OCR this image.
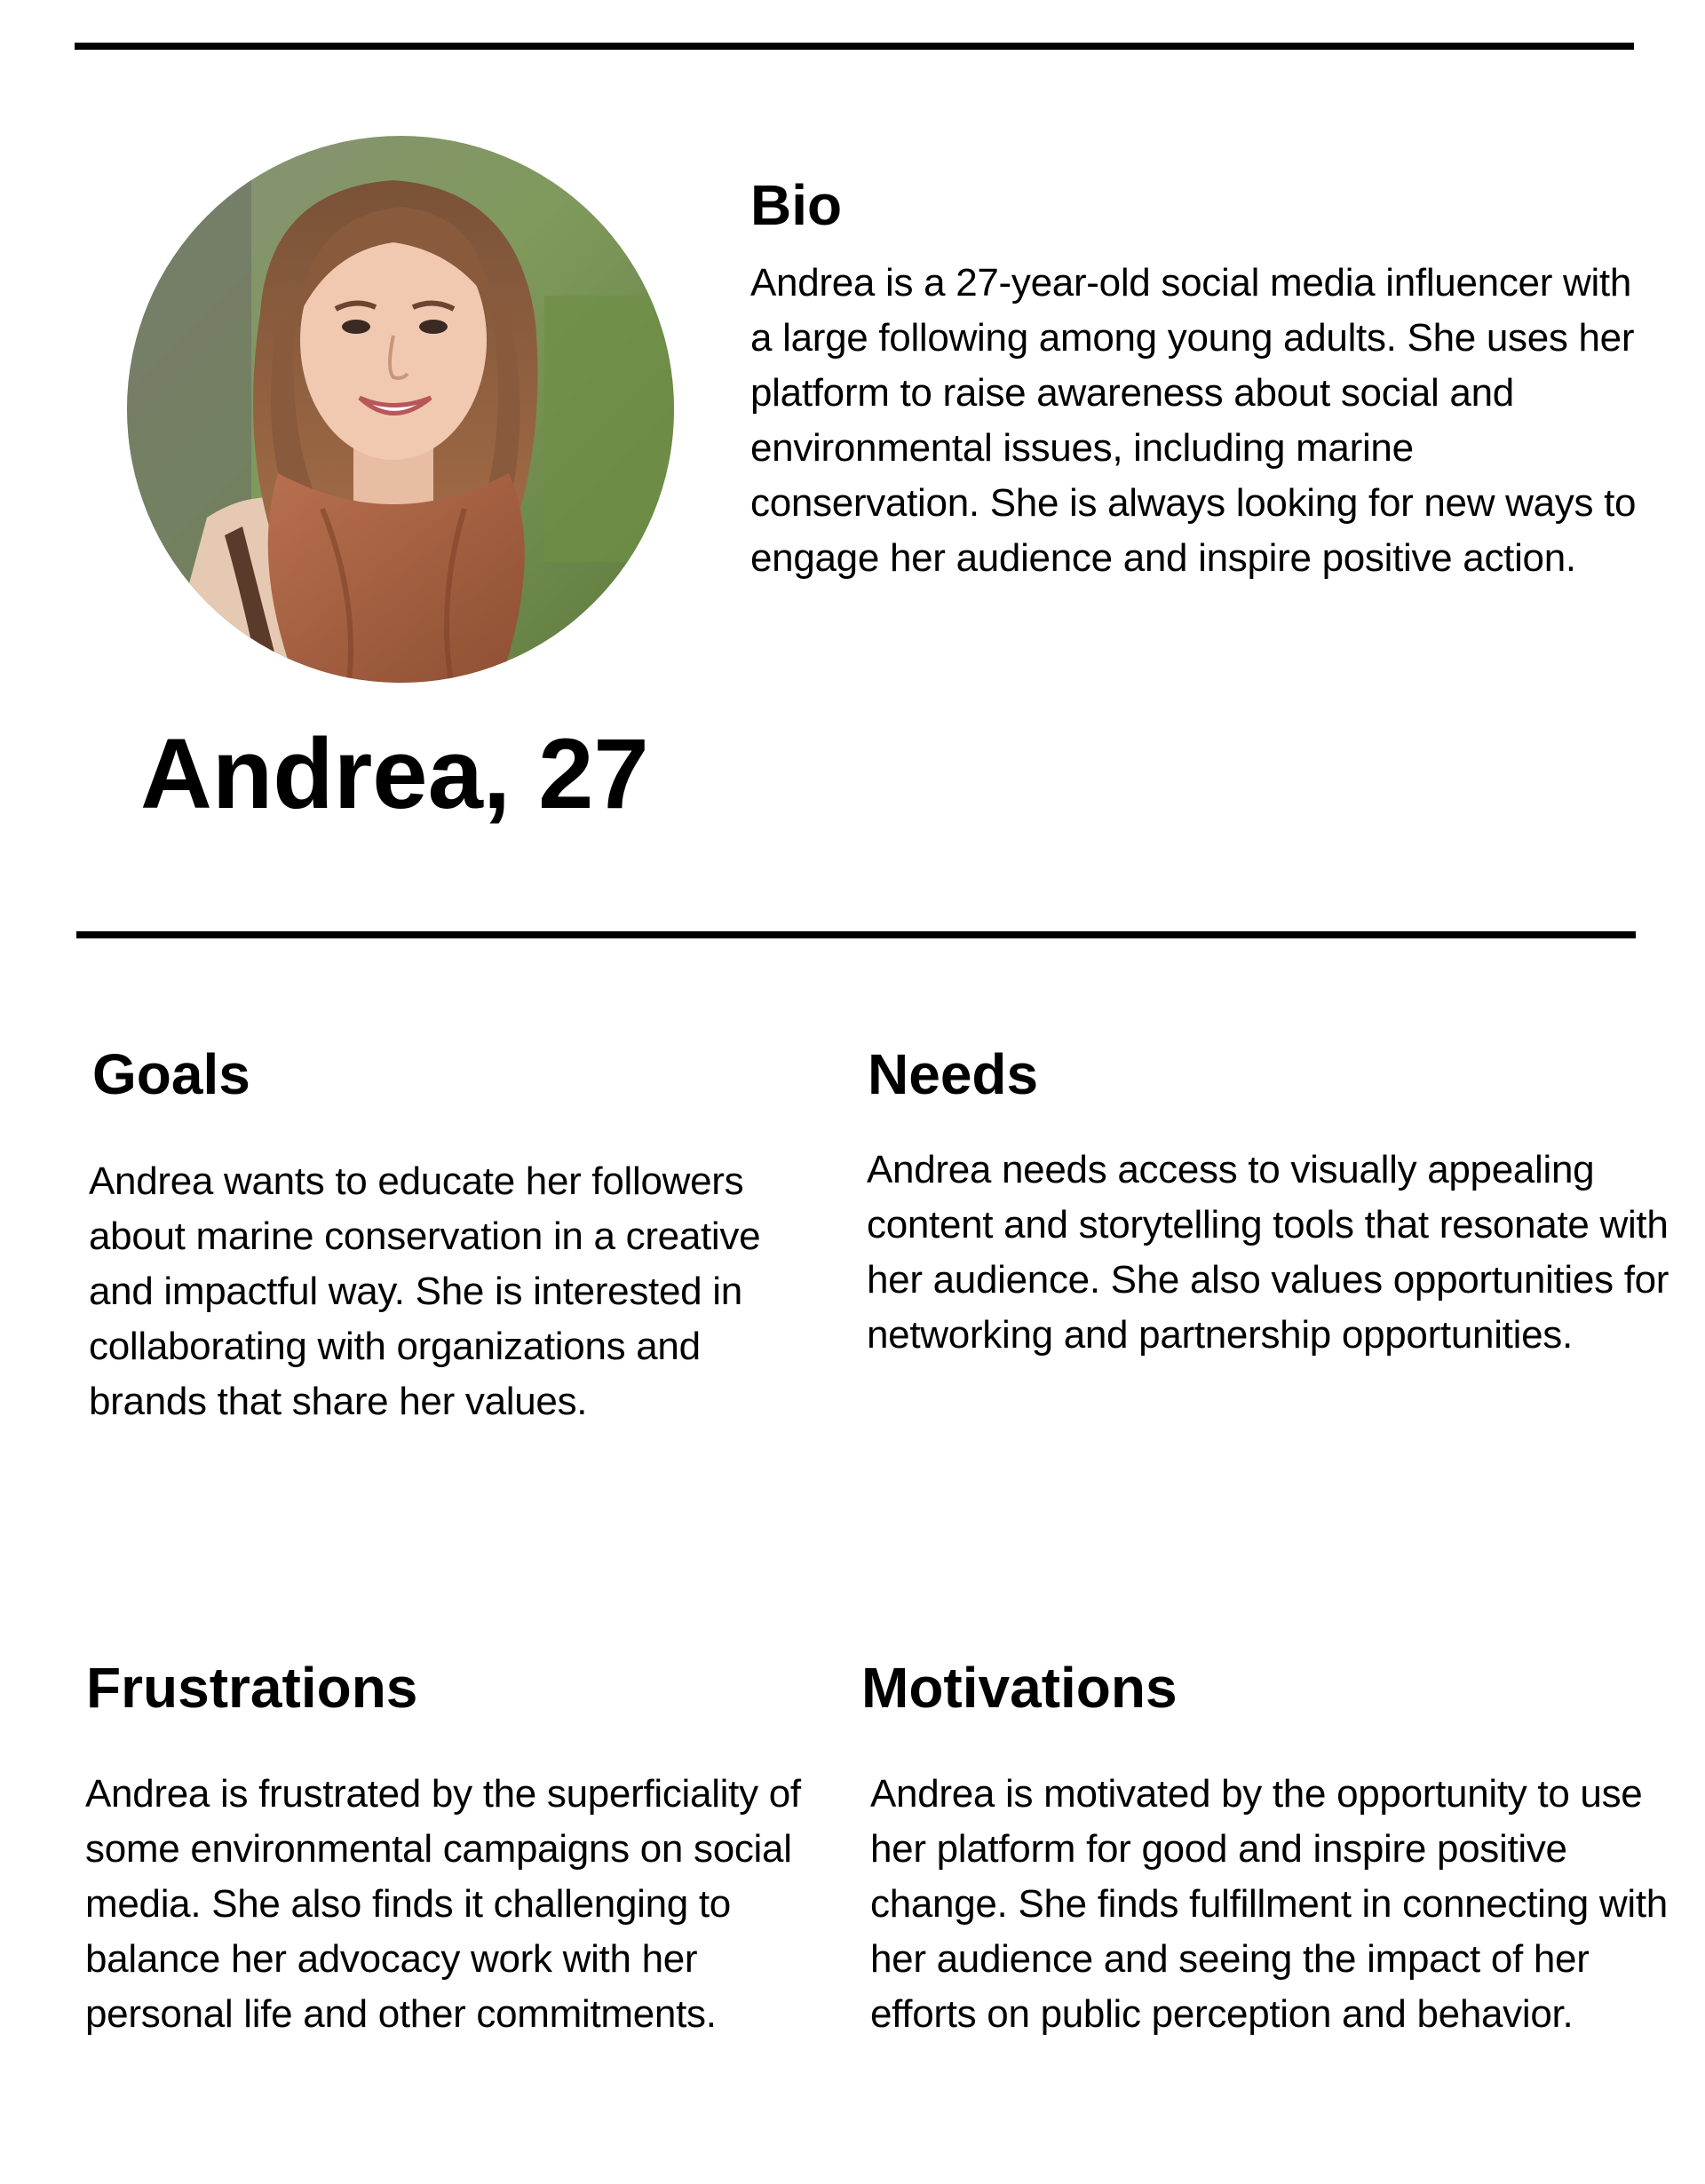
Andrea, 27
Bio
Andrea is a 27-year-old social media influencer with a large following among young adults. She uses her platform to raise awareness about social and environmental issues, including marine conservation. She is always looking for new ways to engage her audience and inspire positive action.
Goals
Andrea wants to educate her followers about marine conservation in a creative and impactful way. She is interested in collaborating with organizations and brands that share her values.
Needs
Andrea needs access to visually appealing content and storytelling tools that resonate with her audience. She also values opportunities for networking and partnership opportunities.
Frustrations
Andrea is frustrated by the superficiality of some environmental campaigns on social media. She also finds it challenging to balance her advocacy work with her personal life and other commitments.
Motivations
Andrea is motivated by the opportunity to use her platform for good and inspire positive change. She finds fulfillment in connecting with her audience and seeing the impact of her efforts on public perception and behavior.
